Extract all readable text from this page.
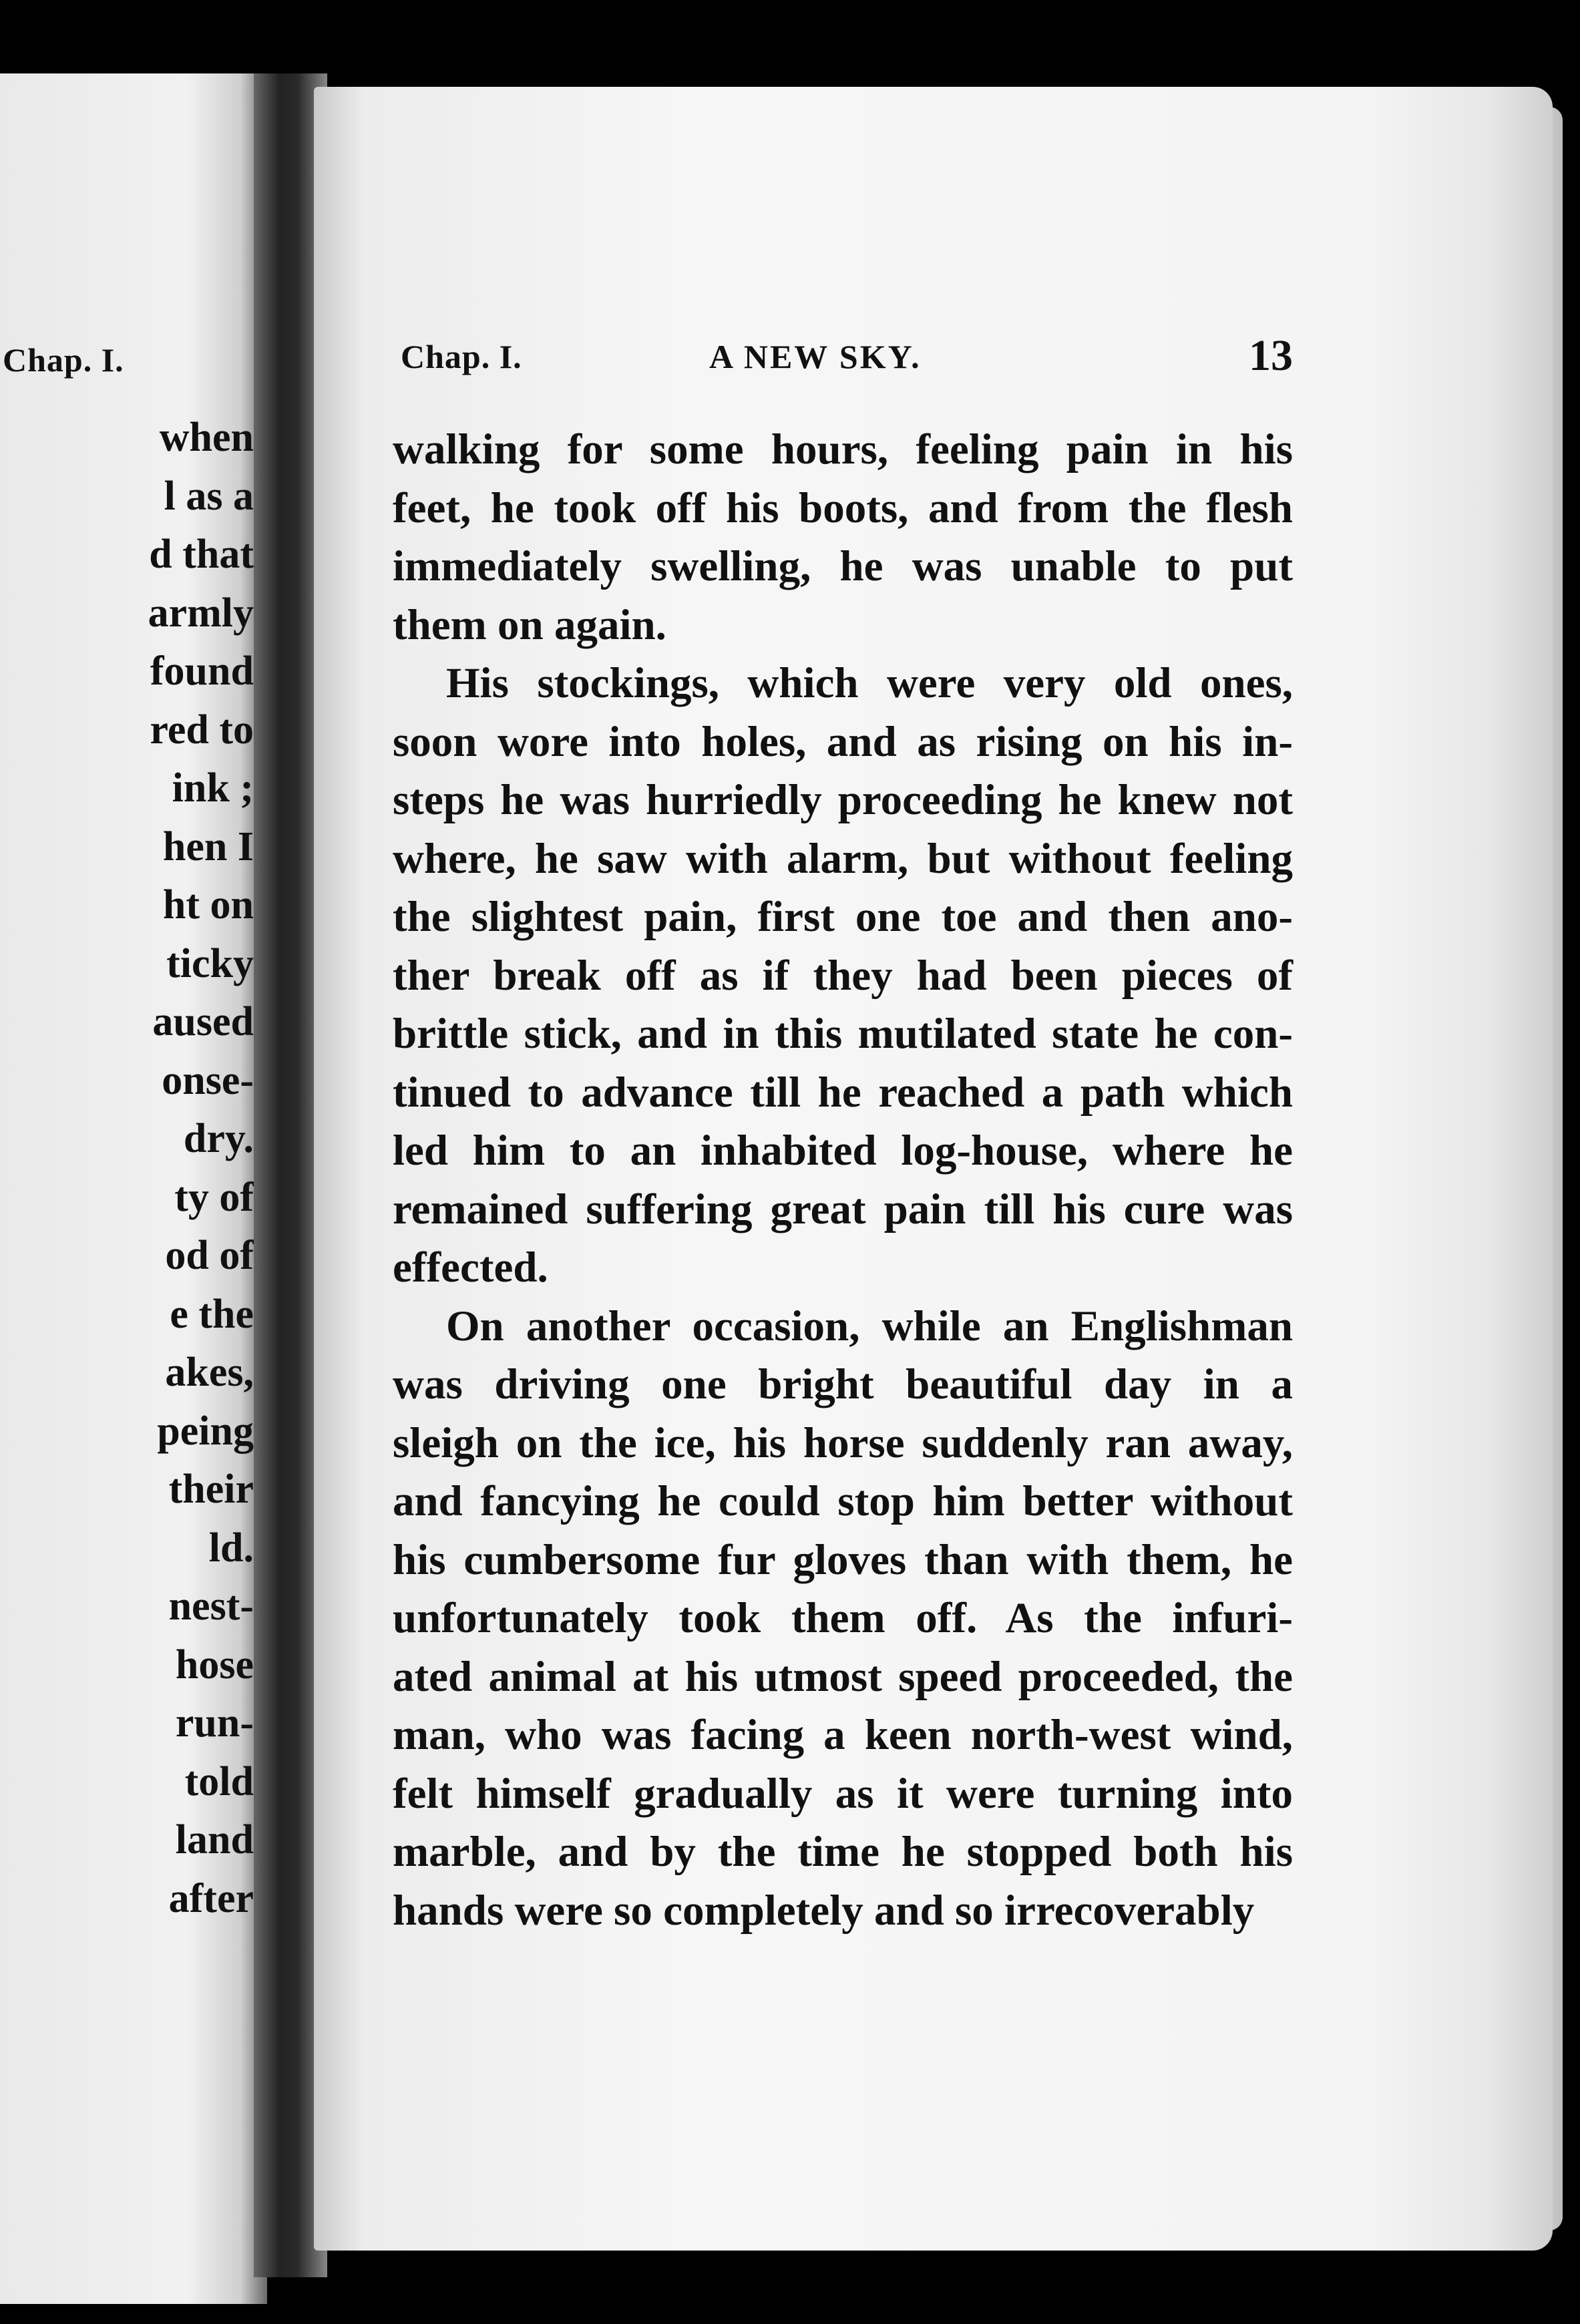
Chap. I.
when
l as a
d that
armly
found
red to
ink ;
hen I
ht on
ticky
aused
onse-
dry.
ty of
od of
e the
akes,
peing
their
ld.
nest-
hose
run-
told
land
after
Chap. I.	A NEW SKY.	13
walking for some hours, feeling pain in his
feet, he took off his boots, and from the flesh
immediately swelling, he was unable to put
them on again.
His stockings, which were very old ones,
soon wore into holes, and as rising on his in-
steps he was hurriedly proceeding he knew not
where, he saw with alarm, but without feeling
the slightest pain, first one toe and then ano-
ther break off as if they had been pieces of
brittle stick, and in this mutilated state he con-
tinued to advance till he reached a path which
led him to an inhabited log-house, where he
remained suffering great pain till his cure was
effected.
On another occasion, while an Englishman
was driving one bright beautiful day in a
sleigh on the ice, his horse suddenly ran away,
and fancying he could stop him better without
his cumbersome fur gloves than with them, he
unfortunately took them off. As the infuri-
ated animal at his utmost speed proceeded, the
man, who was facing a keen north-west wind,
felt himself gradually as it were turning into
marble, and by the time he stopped both his
hands were so completely and so irrecoverably
